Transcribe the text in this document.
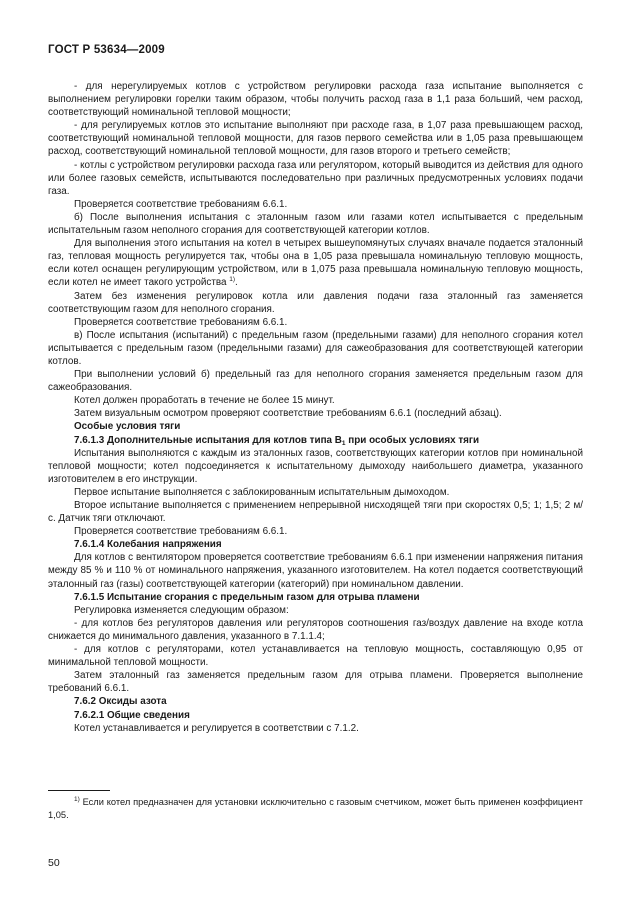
ГОСТ Р 53634—2009

- для нерегулируемых котлов с устройством регулировки расхода газа испытание выполняется с выполнением регулировки горелки таким образом, чтобы получить расход газа в 1,1 раза больший, чем расход, соответствующий номинальной тепловой мощности;

- для регулируемых котлов это испытание выполняют при расходе газа, в 1,07 раза превышающем расход, соответствующий номинальной тепловой мощности, для газов первого семейства или в 1,05 раза превышающем расход, соответствующий номинальной тепловой мощности, для газов второго и третьего семейств;

- котлы с устройством регулировки расхода газа или регулятором, который выводится из действия для одного или более газовых семейств, испытываются последовательно при различных предусмотренных условиях подачи газа.

Проверяется соответствие требованиям 6.6.1.

б) После выполнения испытания с эталонным газом или газами котел испытывается с предельным испытательным газом неполного сгорания для соответствующей категории котлов.

Для выполнения этого испытания на котел в четырех вышеупомянутых случаях вначале подается эталонный газ, тепловая мощность регулируется так, чтобы она в 1,05 раза превышала номинальную тепловую мощность, если котел оснащен регулирующим устройством, или в 1,075 раза превышала номинальную тепловую мощность, если котел не имеет такого устройства $^{1)}$.

Затем без изменения регулировок котла или давления подачи газа эталонный газ заменяется соответствующим газом для неполного сгорания.

Проверяется соответствие требованиям 6.6.1.

в) После испытания (испытаний) с предельным газом (предельными газами) для неполного сгорания котел испытывается с предельным газом (предельными газами) для сажеобразования для соответствующей категории котлов.

При выполнении условий б) предельный газ для неполного сгорания заменяется предельным газом для сажеобразования.

Котел должен проработать в течение не более 15 минут.

Затем визуальным осмотром проверяют соответствие требованиям 6.6.1 (последний абзац).

Особые условия тяги

7.6.1.3 Дополнительные испытания для котлов типа $B_1$ при особых условиях тяги

Испытания выполняются с каждым из эталонных газов, соответствующих категории котлов при номинальной тепловой мощности; котел подсоединяется к испытательному дымоходу наибольшего диаметра, указанного изготовителем в его инструкции.

Первое испытание выполняется с заблокированным испытательным дымоходом.

Второе испытание выполняется с применением непрерывной нисходящей тяги при скоростях 0,5; 1; 1,5; 2 м/с. Датчик тяги отключают.

Проверяется соответствие требованиям 6.6.1.

7.6.1.4 Колебания напряжения

Для котлов с вентилятором проверяется соответствие требованиям 6.6.1 при изменении напряжения питания между 85 % и 110 % от номинального напряжения, указанного изготовителем. На котел подается соответствующий эталонный газ (газы) соответствующей категории (категорий) при номинальном давлении.

7.6.1.5 Испытание сгорания с предельным газом для отрыва пламени

Регулировка изменяется следующим образом:

- для котлов без регуляторов давления или регуляторов соотношения газ/воздух давление на входе котла снижается до минимального давления, указанного в 7.1.1.4;

- для котлов с регуляторами, котел устанавливается на тепловую мощность, составляющую 0,95 от минимальной тепловой мощности.

Затем эталонный газ заменяется предельным газом для отрыва пламени. Проверяется выполнение требований 6.6.1.

7.6.2 Оксиды азота

7.6.2.1 Общие сведения

Котел устанавливается и регулируется в соответствии с 7.1.2.

$^{1)}$ Если котел предназначен для установки исключительно с газовым счетчиком, может быть применен коэффициент 1,05.

50
